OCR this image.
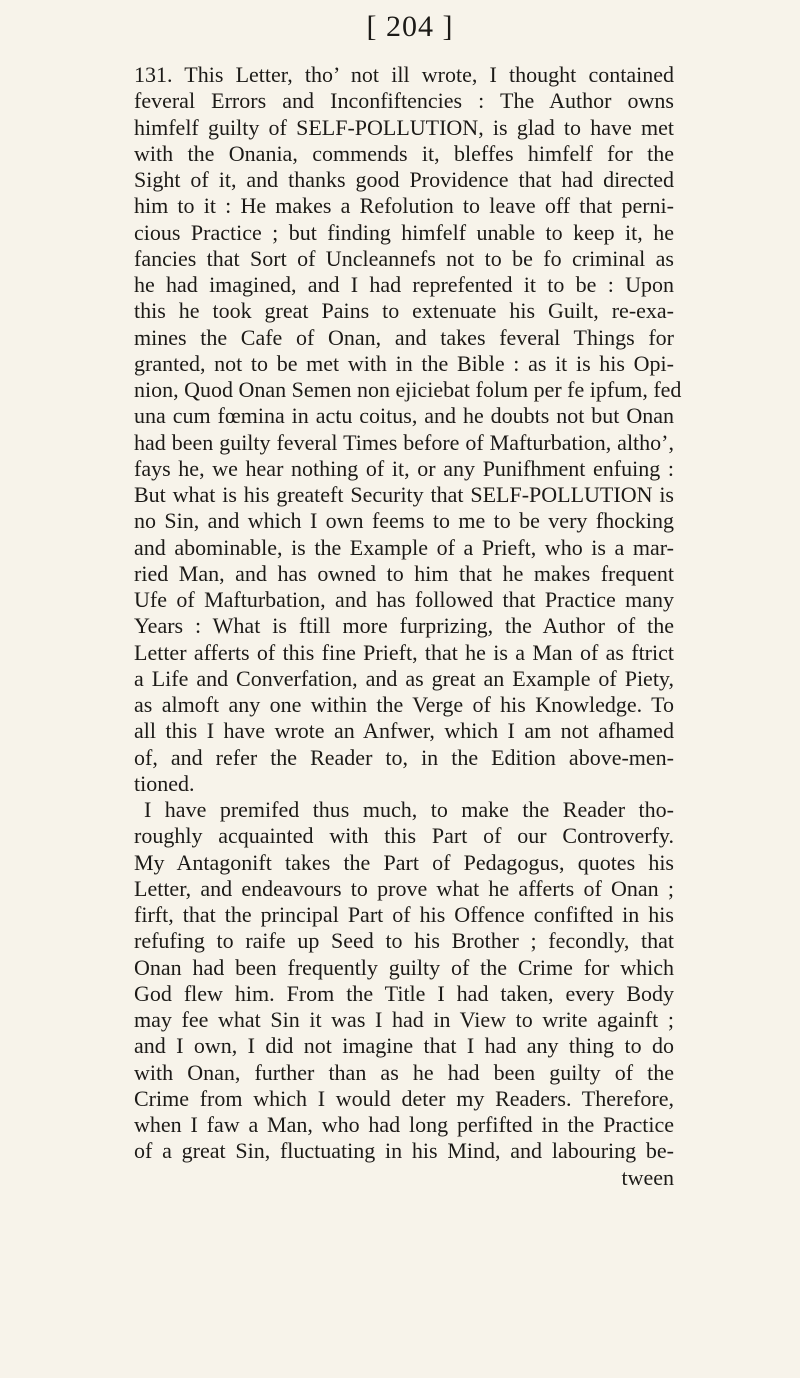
[ 204 ]
131. This Letter, tho’ not ill wrote, I thought contained
feveral Errors and Inconfiftencies : The Author owns
himfelf guilty of SELF-POLLUTION, is glad to have met
with the Onania, commends it, bleffes himfelf for the
Sight of it, and thanks good Providence that had directed
him to it : He makes a Refolution to leave off that perni-
cious Practice ; but finding himfelf unable to keep it, he
fancies that Sort of Uncleannefs not to be fo criminal as
he had imagined, and I had reprefented it to be : Upon
this he took great Pains to extenuate his Guilt, re-exa-
mines the Cafe of Onan, and takes feveral Things for
granted, not to be met with in the Bible : as it is his Opi-
nion, Quod Onan Semen non ejiciebat folum per fe ipfum, fed
una cum fœmina in actu coitus, and he doubts not but Onan
had been guilty feveral Times before of Mafturbation, altho’,
fays he, we hear nothing of it, or any Punifhment enfuing :
But what is his greateft Security that SELF-POLLUTION is
no Sin, and which I own feems to me to be very fhocking
and abominable, is the Example of a Prieft, who is a mar-
ried Man, and has owned to him that he makes frequent
Ufe of Mafturbation, and has followed that Practice many
Years : What is ftill more furprizing, the Author of the
Letter afferts of this fine Prieft, that he is a Man of as ftrict
a Life and Converfation, and as great an Example of Piety,
as almoft any one within the Verge of his Knowledge. To
all this I have wrote an Anfwer, which I am not afhamed
of, and refer the Reader to, in the Edition above-men-
tioned.
I have premifed thus much, to make the Reader tho-
roughly acquainted with this Part of our Controverfy.
My Antagonift takes the Part of Pedagogus, quotes his
Letter, and endeavours to prove what he afferts of Onan ;
firft, that the principal Part of his Offence confifted in his
refufing to raife up Seed to his Brother ; fecondly, that
Onan had been frequently guilty of the Crime for which
God flew him. From the Title I had taken, every Body
may fee what Sin it was I had in View to write againft ;
and I own, I did not imagine that I had any thing to do
with Onan, further than as he had been guilty of the
Crime from which I would deter my Readers. Therefore,
when I faw a Man, who had long perfifted in the Practice
of a great Sin, fluctuating in his Mind, and labouring be-
tween
